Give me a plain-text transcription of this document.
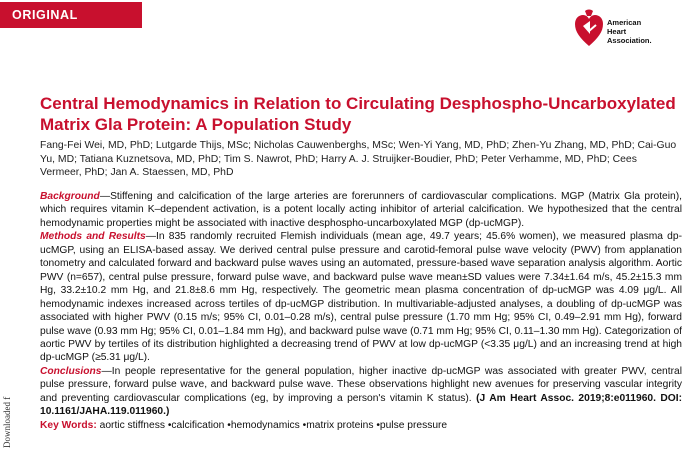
ORIGINAL RESEARCH
American
Heart
Association.
Central Hemodynamics in Relation to Circulating Desphospho-Uncarboxylated Matrix Gla Protein: A Population Study
Fang-Fei Wei, MD, PhD; Lutgarde Thijs, MSc; Nicholas Cauwenberghs, MSc; Wen-Yi Yang, MD, PhD; Zhen-Yu Zhang, MD, PhD; Cai-Guo Yu, MD; Tatiana Kuznetsova, MD, PhD; Tim S. Nawrot, PhD; Harry A. J. Struijker-Boudier, PhD; Peter Verhamme, MD, PhD; Cees Vermeer, PhD; Jan A. Staessen, MD, PhD

Background—Stiffening and calcification of the large arteries are forerunners of cardiovascular complications. MGP (Matrix Gla protein), which requires vitamin K–dependent activation, is a potent locally acting inhibitor of arterial calcification. We hypothesized that the central hemodynamic properties might be associated with inactive desphospho-uncarboxylated MGP (dp-ucMGP).

Methods and Results—In 835 randomly recruited Flemish individuals (mean age, 49.7 years; 45.6% women), we measured plasma dp-ucMGP, using an ELISA-based assay. We derived central pulse pressure and carotid-femoral pulse wave velocity (PWV) from applanation tonometry and calculated forward and backward pulse waves using an automated, pressure-based wave separation analysis algorithm. Aortic PWV (n=657), central pulse pressure, forward pulse wave, and backward pulse wave mean±SD values were 7.34±1.64 m/s, 45.2±15.3 mm Hg, 33.2±10.2 mm Hg, and 21.8±8.6 mm Hg, respectively. The geometric mean plasma concentration of dp-ucMGP was 4.09 μg/L. All hemodynamic indexes increased across tertiles of dp-ucMGP distribution. In multivariable-adjusted analyses, a doubling of dp-ucMGP was associated with higher PWV (0.15 m/s; 95% CI, 0.01–0.28 m/s), central pulse pressure (1.70 mm Hg; 95% CI, 0.49–2.91 mm Hg), forward pulse wave (0.93 mm Hg; 95% CI, 0.01–1.84 mm Hg), and backward pulse wave (0.71 mm Hg; 95% CI, 0.11–1.30 mm Hg). Categorization of aortic PWV by tertiles of its distribution highlighted a decreasing trend of PWV at low dp-ucMGP (<3.35 μg/L) and an increasing trend at high dp-ucMGP (≥5.31 μg/L).

Conclusions—In people representative for the general population, higher inactive dp-ucMGP was associated with greater PWV, central pulse pressure, forward pulse wave, and backward pulse wave. These observations highlight new avenues for preserving vascular integrity and preventing cardiovascular complications (eg, by improving a person's vitamin K status). (J Am Heart Assoc. 2019;8:e011960. DOI: 10.1161/JAHA.119.011960.)

Key Words: aortic stiffness • calcification • hemodynamics • matrix proteins • pulse pressure

Downloaded f
